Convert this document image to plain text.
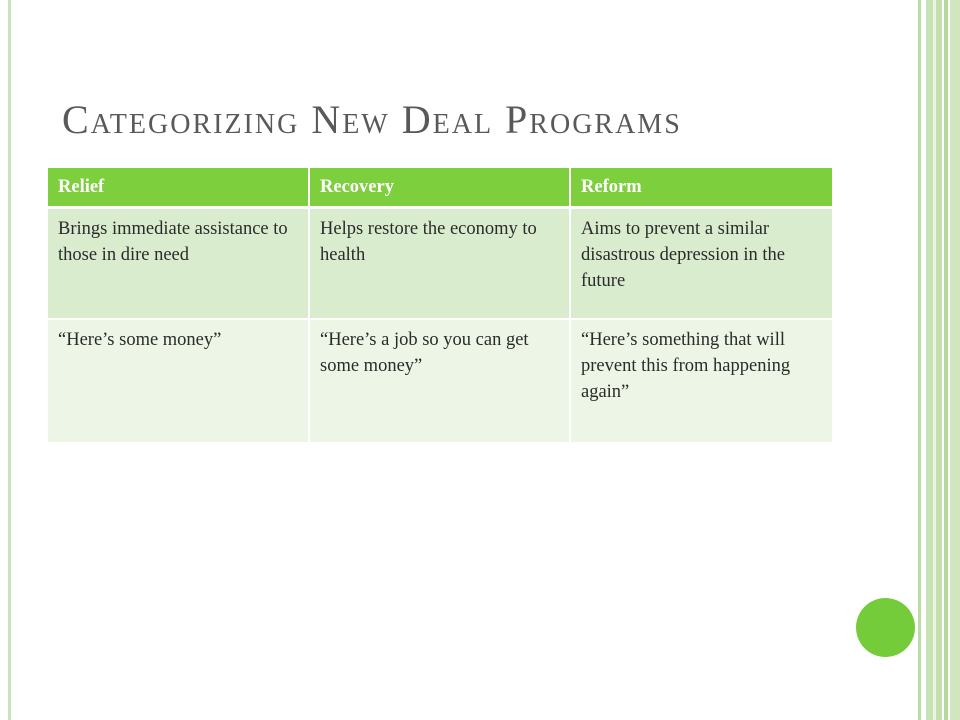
Categorizing New Deal Programs
Relief	Recovery	Reform
Brings immediate assistance to those in dire need	Helps restore the economy to health	Aims to prevent a similar disastrous depression in the future
“Here’s some money”	“Here’s a job so you can get some money”	“Here’s something that will prevent this from happening again”
